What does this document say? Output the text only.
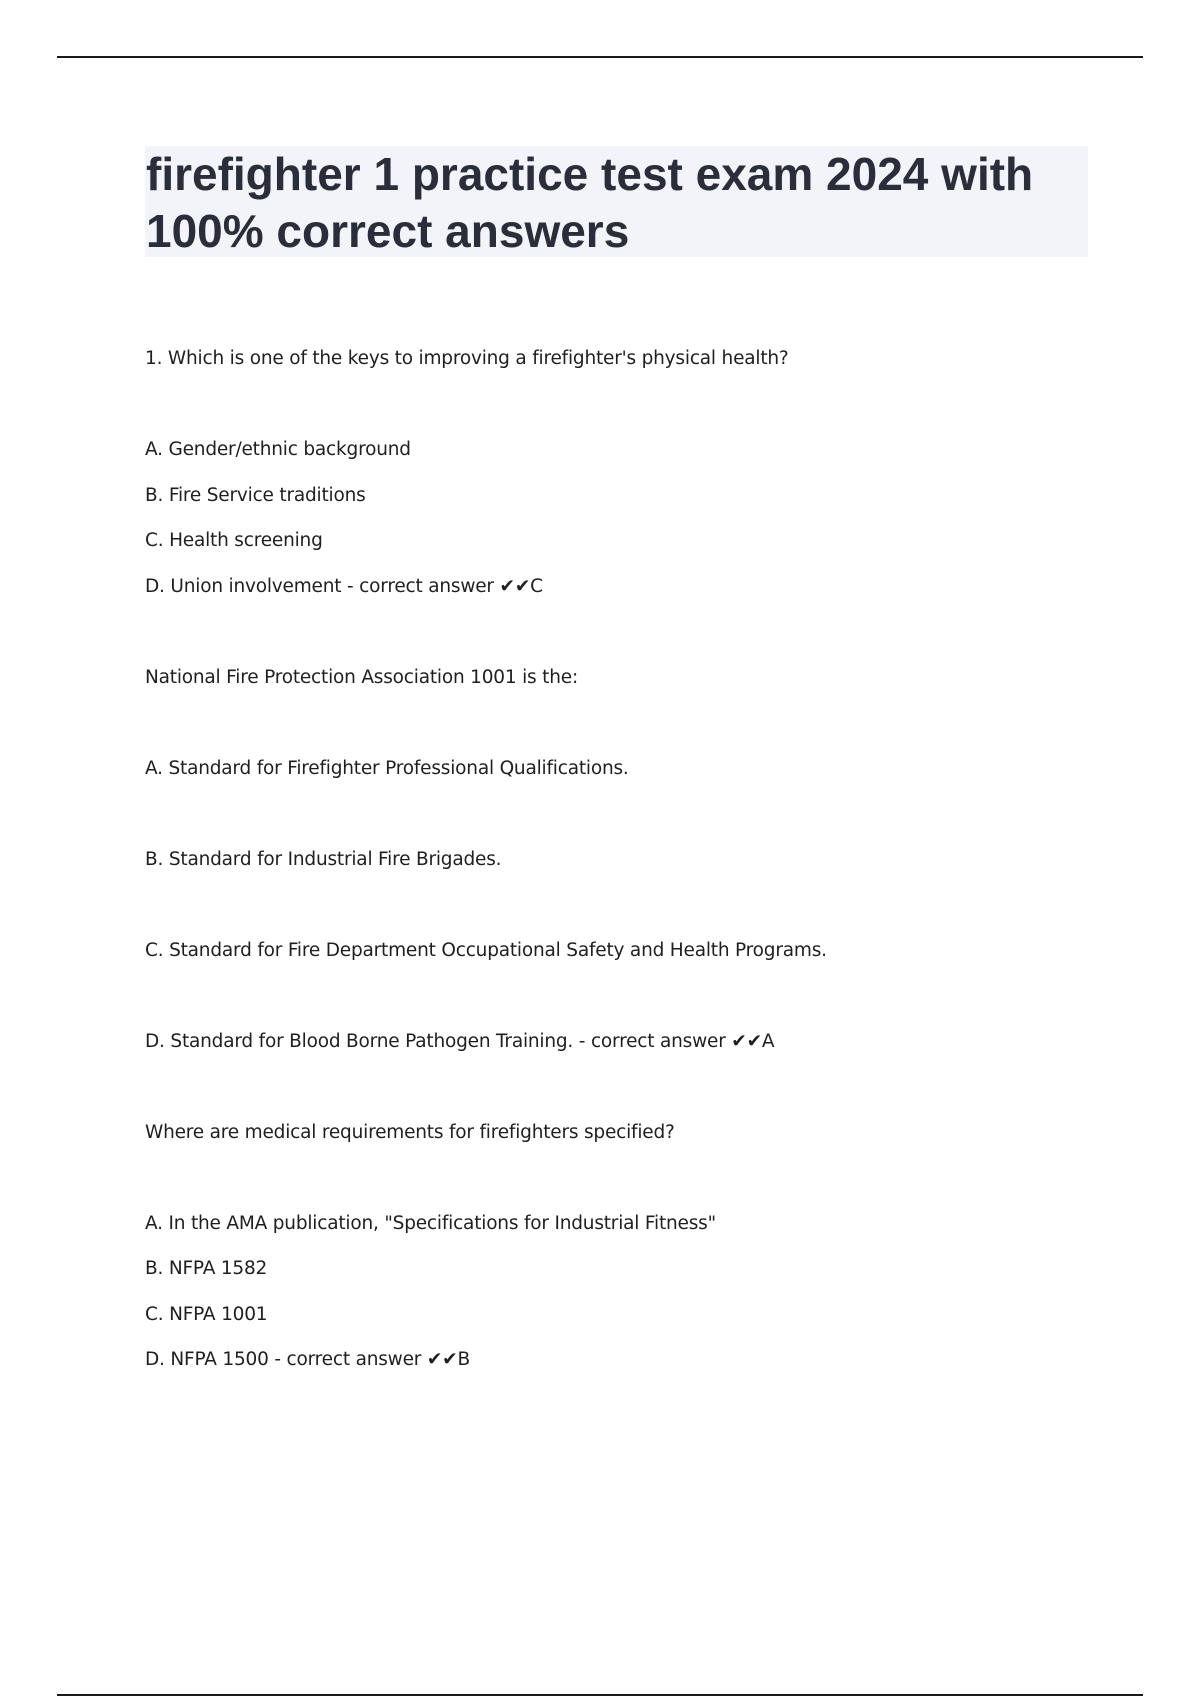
firefighter 1 practice test exam 2024 with 100% correct answers

1. Which is one of the keys to improving a firefighter's physical health?

A. Gender/ethnic background

B. Fire Service traditions

C. Health screening

D. Union involvement - correct answer ✔✔C

National Fire Protection Association 1001 is the:

A. Standard for Firefighter Professional Qualifications.

B. Standard for Industrial Fire Brigades.

C. Standard for Fire Department Occupational Safety and Health Programs.

D. Standard for Blood Borne Pathogen Training. - correct answer ✔✔A

Where are medical requirements for firefighters specified?

A. In the AMA publication, "Specifications for Industrial Fitness"

B. NFPA 1582

C. NFPA 1001

D. NFPA 1500 - correct answer ✔✔B
